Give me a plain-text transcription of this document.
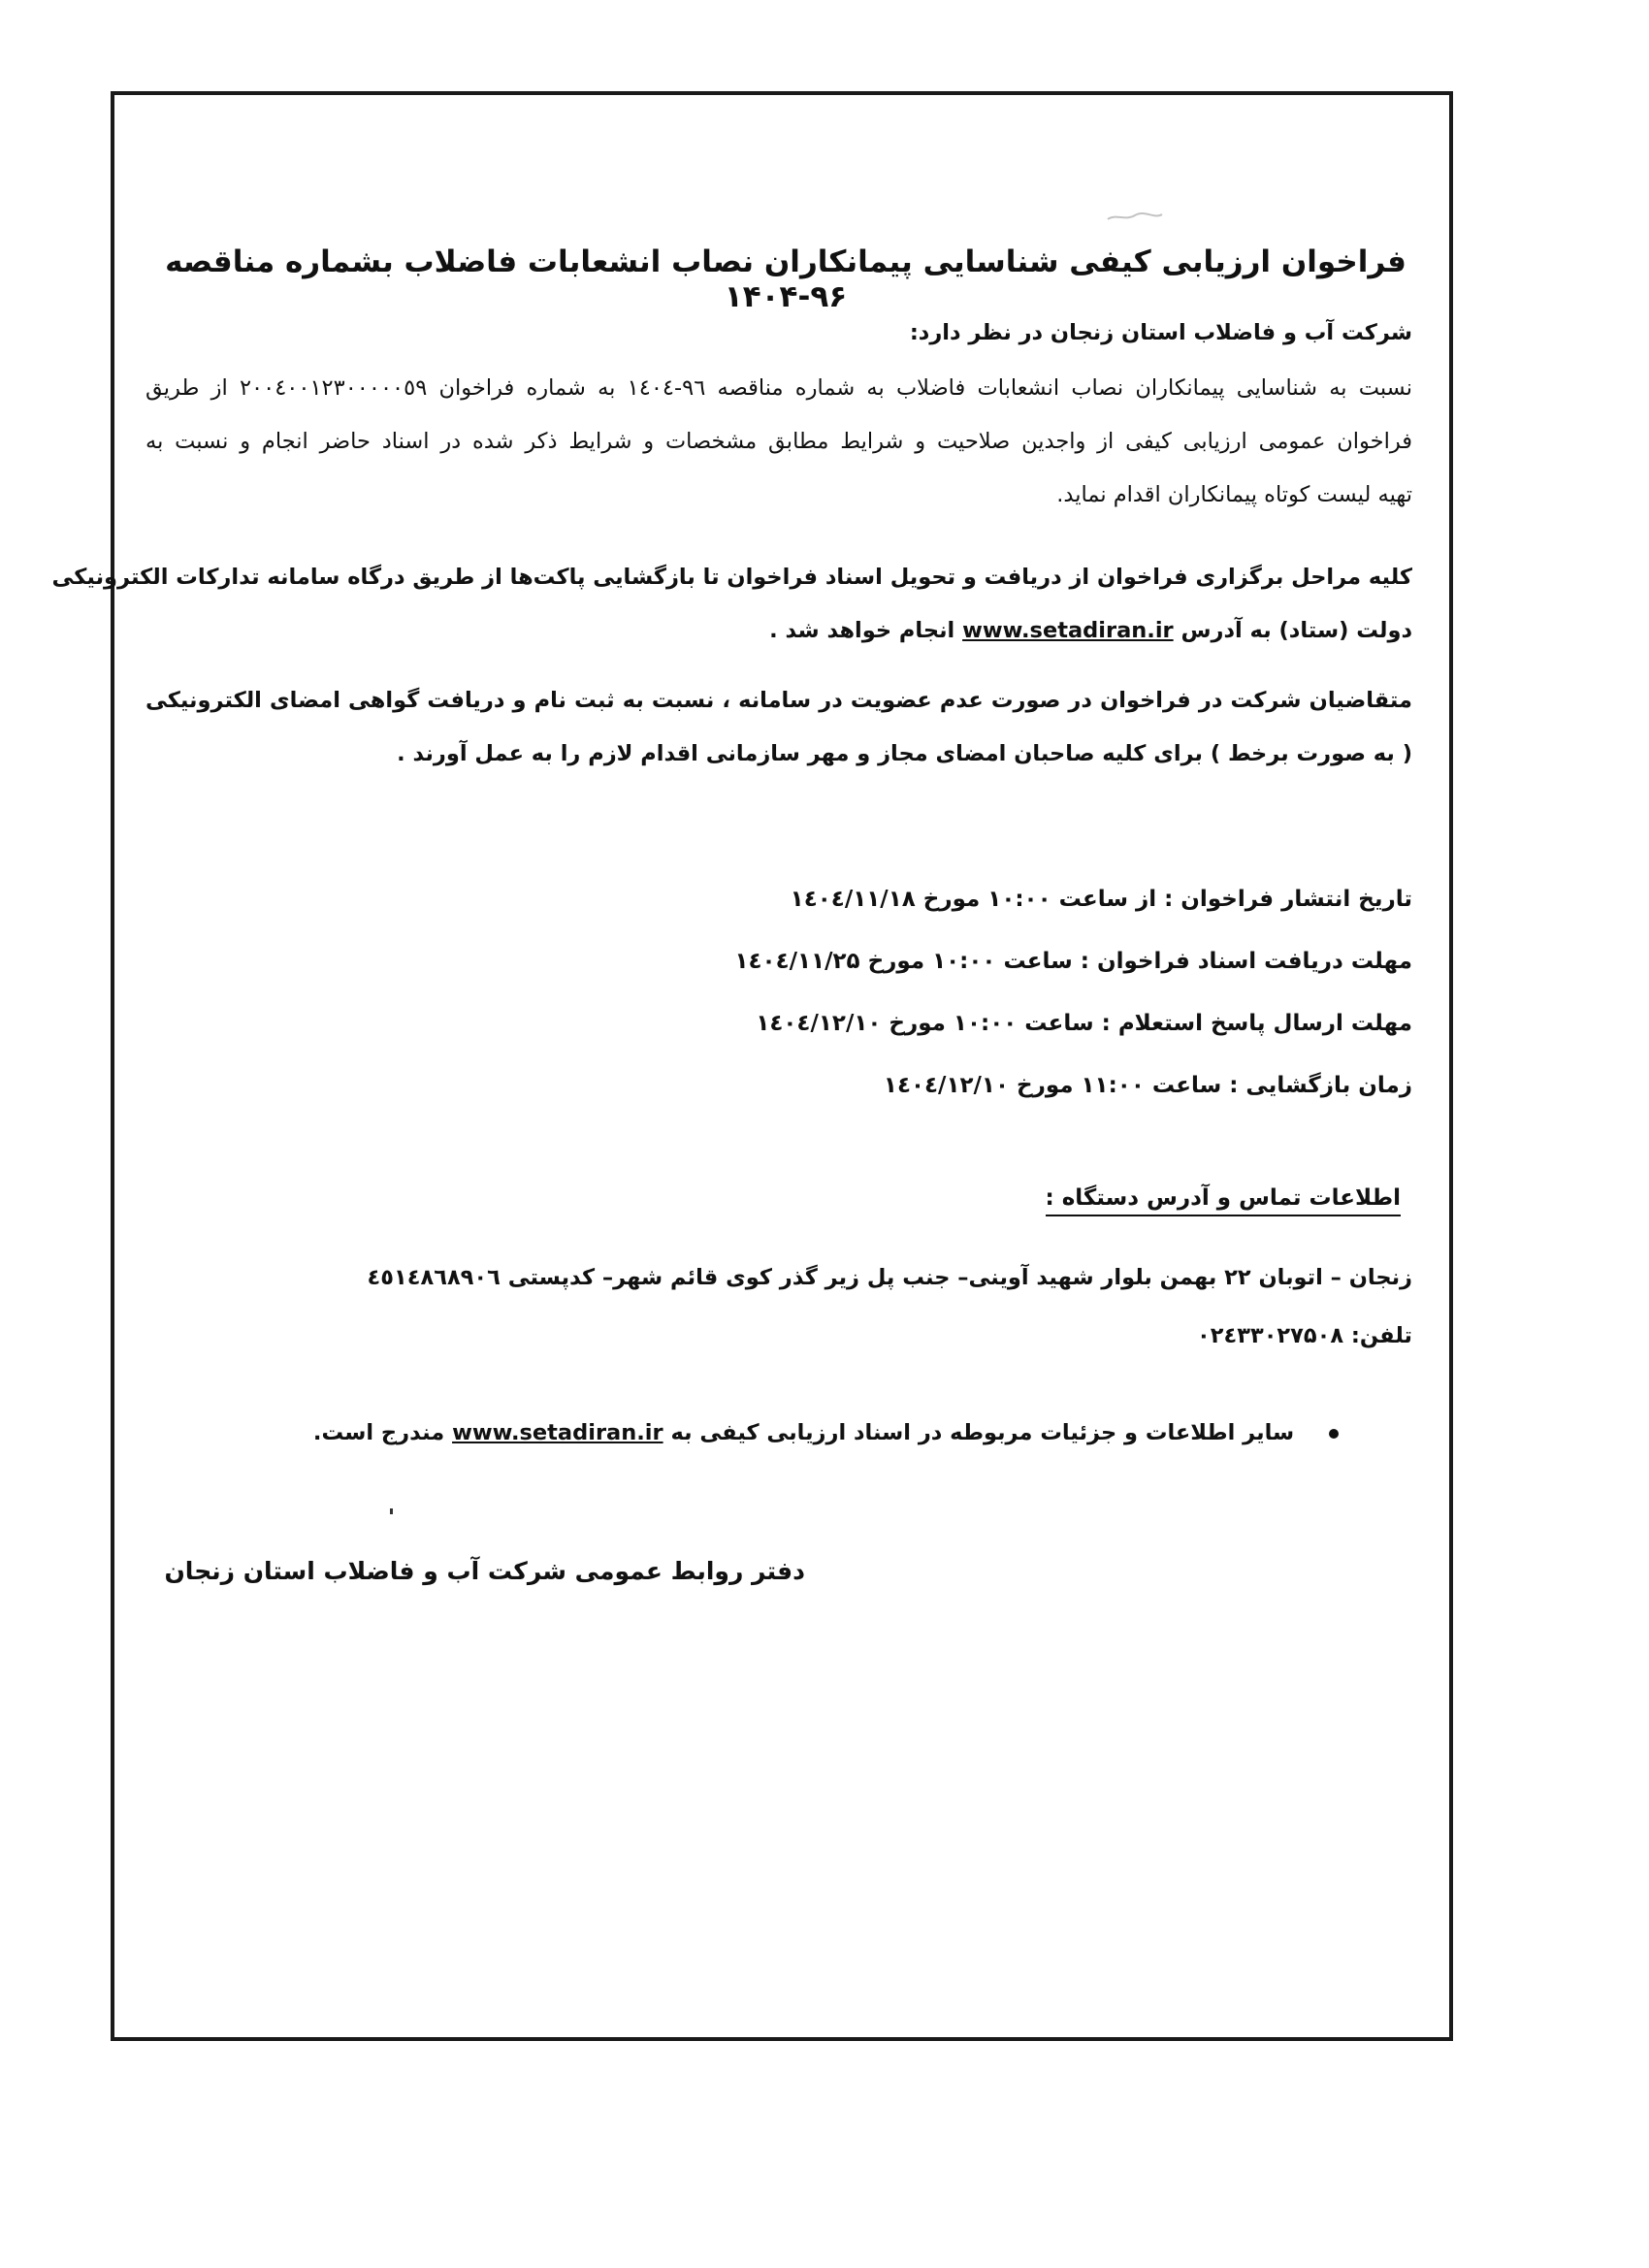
فراخوان ارزیابی کیفی شناسایی پیمانکاران نصاب انشعابات فاضلاب بشماره مناقصه ۹۶-۱۴۰۴
شرکت آب و فاضلاب استان زنجان در نظر دارد:
نسبت به شناسایی پیمانکاران نصاب انشعابات فاضلاب به شماره مناقصه ٩٦-١٤٠٤ به شماره فراخوان ٢٠٠٤٠٠١٢٣٠٠٠٠٠٥٩ از طریق
فراخوان عمومی ارزیابی کیفی از واجدین صلاحیت و شرایط مطابق مشخصات و شرایط ذکر شده در اسناد حاضر انجام و نسبت به
تهیه لیست کوتاه پیمانکاران اقدام نماید.
کلیه مراحل برگزاری فراخوان از دریافت و تحویل اسناد فراخوان تا بازگشایی پاکت‌ها از طریق درگاه سامانه تدارکات الکترونیکی
دولت (ستاد) به آدرس www.setadiran.ir انجام خواهد شد .
متقاضیان شرکت در فراخوان در صورت عدم عضویت در سامانه ، نسبت به ثبت نام و دریافت گواهی امضای الکترونیکی
( به صورت برخط ) برای کلیه صاحبان امضای مجاز و مهر سازمانی اقدام لازم را به عمل آورند .
تاریخ انتشار فراخوان : از ساعت ۱۰:۰۰ مورخ ۱٤٠٤/۱۱/۱۸
مهلت دریافت اسناد فراخوان : ساعت ۱۰:۰۰ مورخ ۱٤٠٤/۱۱/۲۵
مهلت ارسال پاسخ استعلام : ساعت ۱۰:۰۰ مورخ ۱٤٠٤/۱۲/۱۰
زمان بازگشایی : ساعت ۱۱:۰۰ مورخ ۱٤٠٤/۱۲/۱۰
اطلاعات تماس و آدرس دستگاه :
زنجان – اتوبان ۲۲ بهمن بلوار شهید آوینی– جنب پل زیر گذر کوی قائم شهر– کدپستی ٤٥١٤٨٦٨٩٠٦
تلفن: ۰۲٤۳۳۰۲۷۵۰۸
سایر اطلاعات و جزئیات مربوطه در اسناد ارزیابی کیفی به www.setadiran.ir مندرج است.
دفتر روابط عمومی شرکت آب و فاضلاب استان زنجان
